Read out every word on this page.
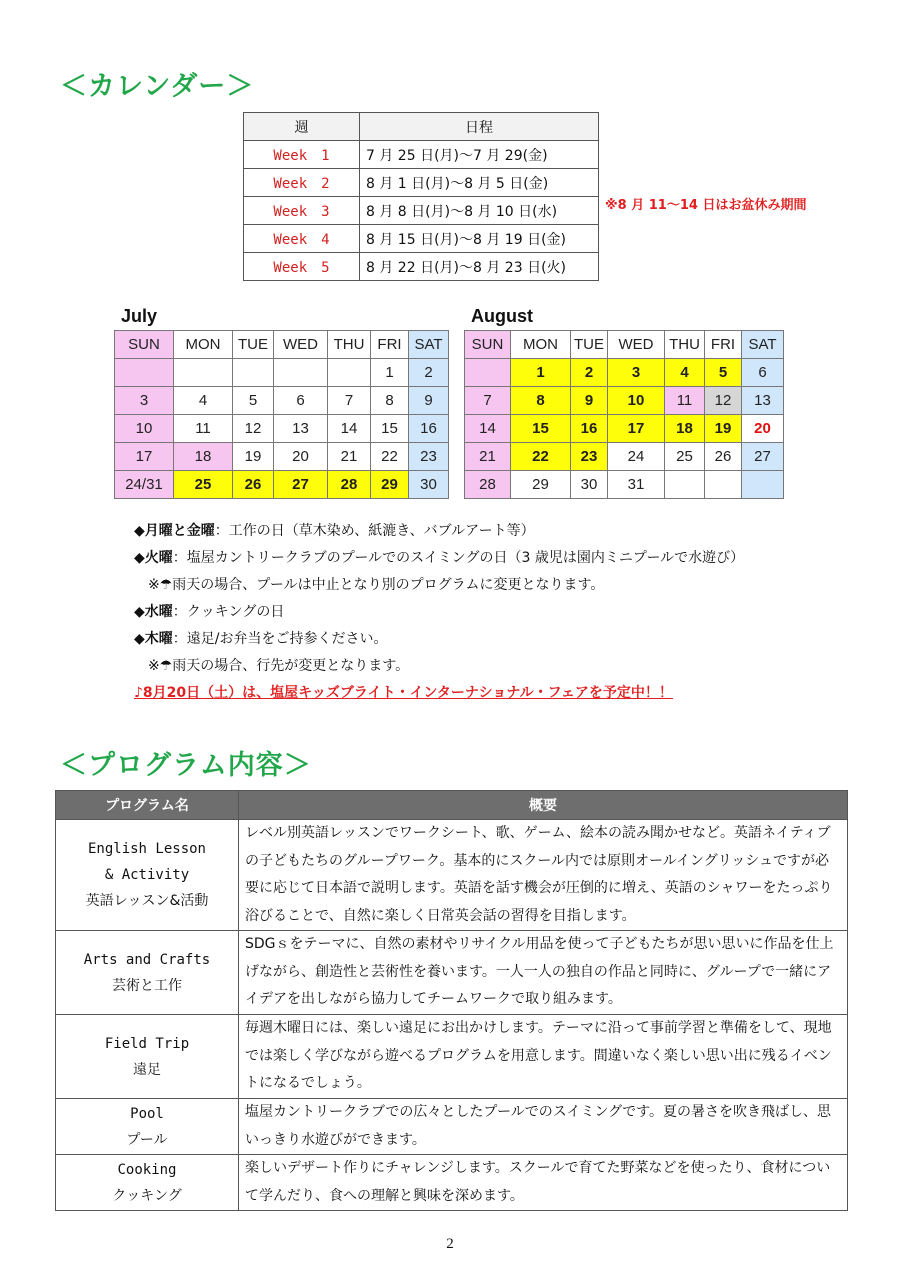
＜カレンダー＞
週	日程
Week　1	7 月 25 日(月)～7 月 29(金)
Week　2	8 月 1 日(月)～8 月 5 日(金)
Week　3	8 月 8 日(月)～8 月 10 日(水)
Week　4	8 月 15 日(月)～8 月 19 日(金)
Week　5	8 月 22 日(月)～8 月 23 日(火)
※8 月 11～14 日はお盆休み期間
July
SUN	MON	TUE	WED	THU	FRI	SAT
					1	2
3	4	5	6	7	8	9
10	11	12	13	14	15	16
17	18	19	20	21	22	23
24/31	25	26	27	28	29	30
August
SUN	MON	TUE	WED	THU	FRI	SAT
	1	2	3	4	5	6
7	8	9	10	11	12	13
14	15	16	17	18	19	20
21	22	23	24	25	26	27
28	29	30	31			
◆月曜と金曜：工作の日（草木染め、紙漉き、バブルアート等）
◆火曜：塩屋カントリークラブのプールでのスイミングの日（3 歳児は園内ミニプールで水遊び）
※☂雨天の場合、プールは中止となり別のプログラムに変更となります。
◆水曜：クッキングの日
◆木曜：遠足/お弁当をご持参ください。
※☂雨天の場合、行先が変更となります。
♪8月20日（土）は、塩屋キッズブライト・インターナショナル・フェアを予定中！！
＜プログラム内容＞
プログラム名	概要

English Lesson & Activity
英語レッスン&活動	レベル別英語レッスンでワークシート、歌、ゲーム、絵本の読み聞かせなど。英語ネイティブの子どもたちのグループワーク。基本的にスクール内では原則オールイングリッシュですが必要に応じて日本語で説明します。英語を話す機会が圧倒的に増え、英語のシャワーをたっぷり浴びることで、自然に楽しく日常英会話の習得を目指します。

Arts and Crafts
芸術と工作	SDGｓをテーマに、自然の素材やリサイクル用品を使って子どもたちが思い思いに作品を仕上げながら、創造性と芸術性を養います。一人一人の独自の作品と同時に、グループで一緒にアイデアを出しながら協力してチームワークで取り組みます。

Field Trip
遠足	毎週木曜日には、楽しい遠足にお出かけします。テーマに沿って事前学習と準備をして、現地では楽しく学びながら遊べるプログラムを用意します。間違いなく楽しい思い出に残るイベントになるでしょう。

Pool
プール	塩屋カントリークラブでの広々としたプールでのスイミングです。夏の暑さを吹き飛ばし、思いっきり水遊びができます。

Cooking
クッキング	楽しいデザート作りにチャレンジします。スクールで育てた野菜などを使ったり、食材について学んだり、食への理解と興味を深めます。
2
